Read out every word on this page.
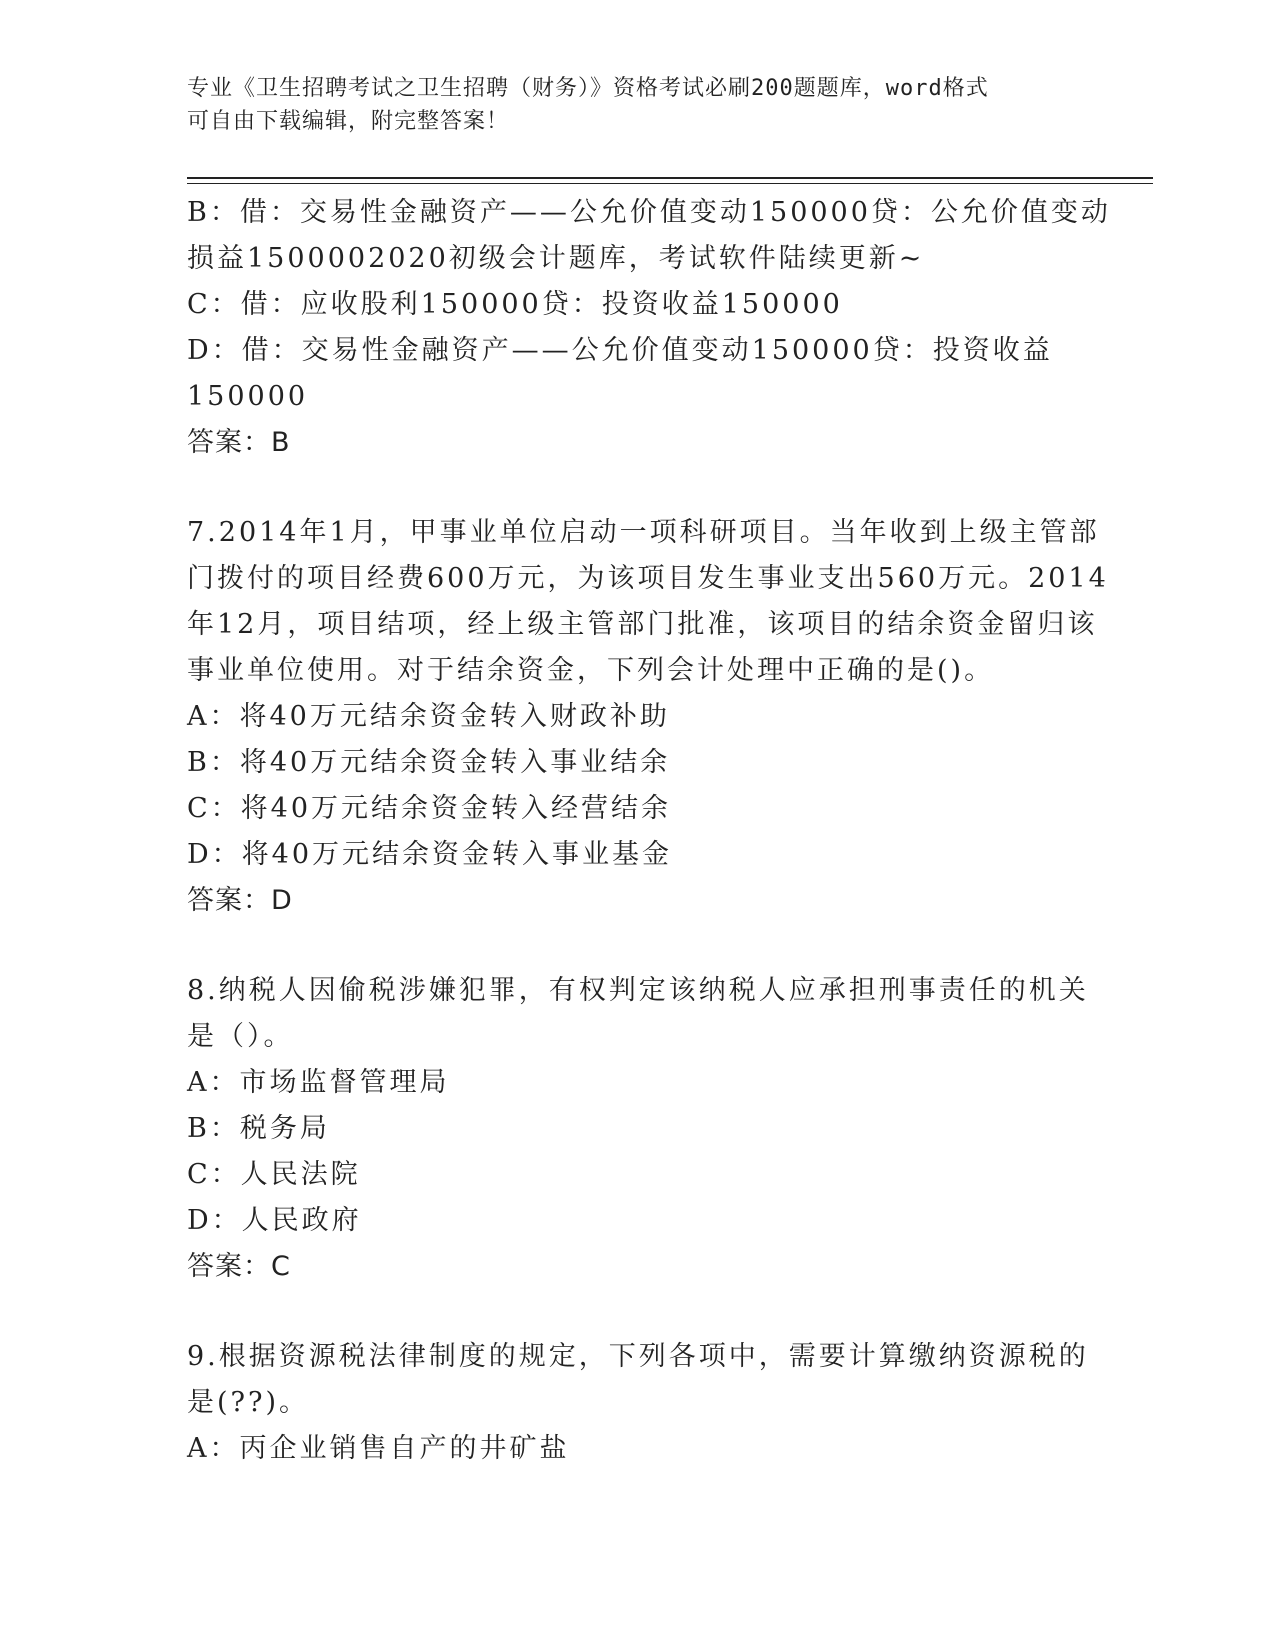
专业《卫生招聘考试之卫生招聘（财务）》资格考试必刷200题题库，word格式
可自由下载编辑，附完整答案！
B：借：交易性金融资产——公允价值变动150000贷：公允价值变动
损益1500002020初级会计题库，考试软件陆续更新~
C：借：应收股利150000贷：投资收益150000
D：借：交易性金融资产——公允价值变动150000贷：投资收益
150000
答案：B
7.2014年1月，甲事业单位启动一项科研项目。当年收到上级主管部
门拨付的项目经费600万元，为该项目发生事业支出560万元。2014
年12月，项目结项，经上级主管部门批准，该项目的结余资金留归该
事业单位使用。对于结余资金，下列会计处理中正确的是()。
A：将40万元结余资金转入财政补助
B：将40万元结余资金转入事业结余
C：将40万元结余资金转入经营结余
D：将40万元结余资金转入事业基金
答案：D
8.纳税人因偷税涉嫌犯罪，有权判定该纳税人应承担刑事责任的机关
是（）。
A：市场监督管理局
B：税务局
C：人民法院
D：人民政府
答案：C
9.根据资源税法律制度的规定，下列各项中，需要计算缴纳资源税的
是(??)。
A：丙企业销售自产的井矿盐
